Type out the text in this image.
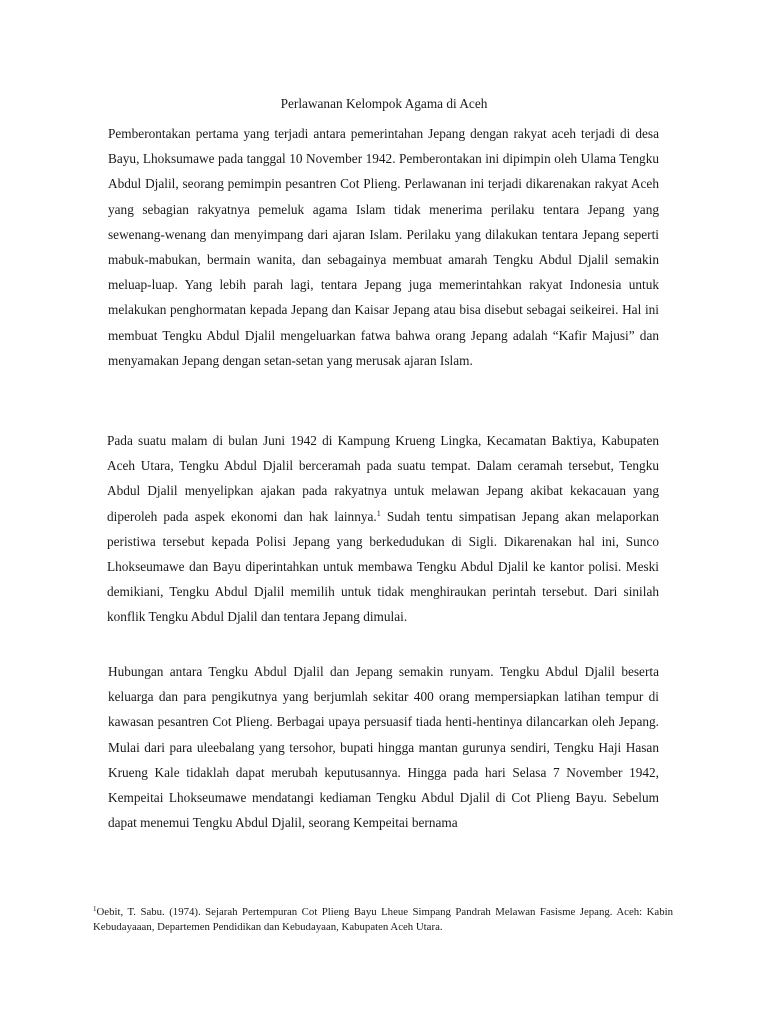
Perlawanan Kelompok Agama di Aceh

Pemberontakan pertama yang terjadi antara pemerintahan Jepang dengan rakyat aceh terjadi di desa Bayu, Lhoksumawe pada tanggal 10 November 1942. Pemberontakan ini dipimpin oleh Ulama Tengku Abdul Djalil, seorang pemimpin pesantren Cot Plieng. Perlawanan ini terjadi dikarenakan rakyat Aceh yang sebagian rakyatnya pemeluk agama Islam tidak menerima perilaku tentara Jepang yang sewenang-wenang dan menyimpang dari ajaran Islam. Perilaku yang dilakukan tentara Jepang seperti mabuk-mabukan, bermain wanita, dan sebagainya membuat amarah Tengku Abdul Djalil semakin meluap-luap. Yang lebih parah lagi, tentara Jepang juga memerintahkan rakyat Indonesia untuk melakukan penghormatan kepada Jepang dan Kaisar Jepang atau bisa disebut sebagai seikeirei. Hal ini membuat Tengku Abdul Djalil mengeluarkan fatwa bahwa orang Jepang adalah “Kafir Majusi” dan menyamakan Jepang dengan setan-setan yang merusak ajaran Islam.

Pada suatu malam di bulan Juni 1942 di Kampung Krueng Lingka, Kecamatan Baktiya, Kabupaten Aceh Utara, Tengku Abdul Djalil berceramah pada suatu tempat. Dalam ceramah tersebut, Tengku Abdul Djalil menyelipkan ajakan pada rakyatnya untuk melawan Jepang akibat kekacauan yang diperoleh pada aspek ekonomi dan hak lainnya.$^1$ Sudah tentu simpatisan Jepang akan melaporkan peristiwa tersebut kepada Polisi Jepang yang berkedudukan di Sigli. Dikarenakan hal ini, Sunco Lhokseumawe dan Bayu diperintahkan untuk membawa Tengku Abdul Djalil ke kantor polisi. Meski demikiani, Tengku Abdul Djalil memilih untuk tidak menghiraukan perintah tersebut. Dari sinilah konflik Tengku Abdul Djalil dan tentara Jepang dimulai.

Hubungan antara Tengku Abdul Djalil dan Jepang semakin runyam. Tengku Abdul Djalil beserta keluarga dan para pengikutnya yang berjumlah sekitar 400 orang mempersiapkan latihan tempur di kawasan pesantren Cot Plieng. Berbagai upaya persuasif tiada henti-hentinya dilancarkan oleh Jepang. Mulai dari para uleebalang yang tersohor, bupati hingga mantan gurunya sendiri, Tengku Haji Hasan Krueng Kale tidaklah dapat merubah keputusannya. Hingga pada hari Selasa 7 November 1942, Kempeitai Lhokseumawe mendatangi kediaman Tengku Abdul Djalil di Cot Plieng Bayu. Sebelum dapat menemui Tengku Abdul Djalil, seorang Kempeitai bernama

$^1$Oebit, T. Sabu. (1974). Sejarah Pertempuran Cot Plieng Bayu Lheue Simpang Pandrah Melawan Fasisme Jepang. Aceh: Kabin Kebudayaaan, Departemen Pendidikan dan Kebudayaan, Kabupaten Aceh Utara.
